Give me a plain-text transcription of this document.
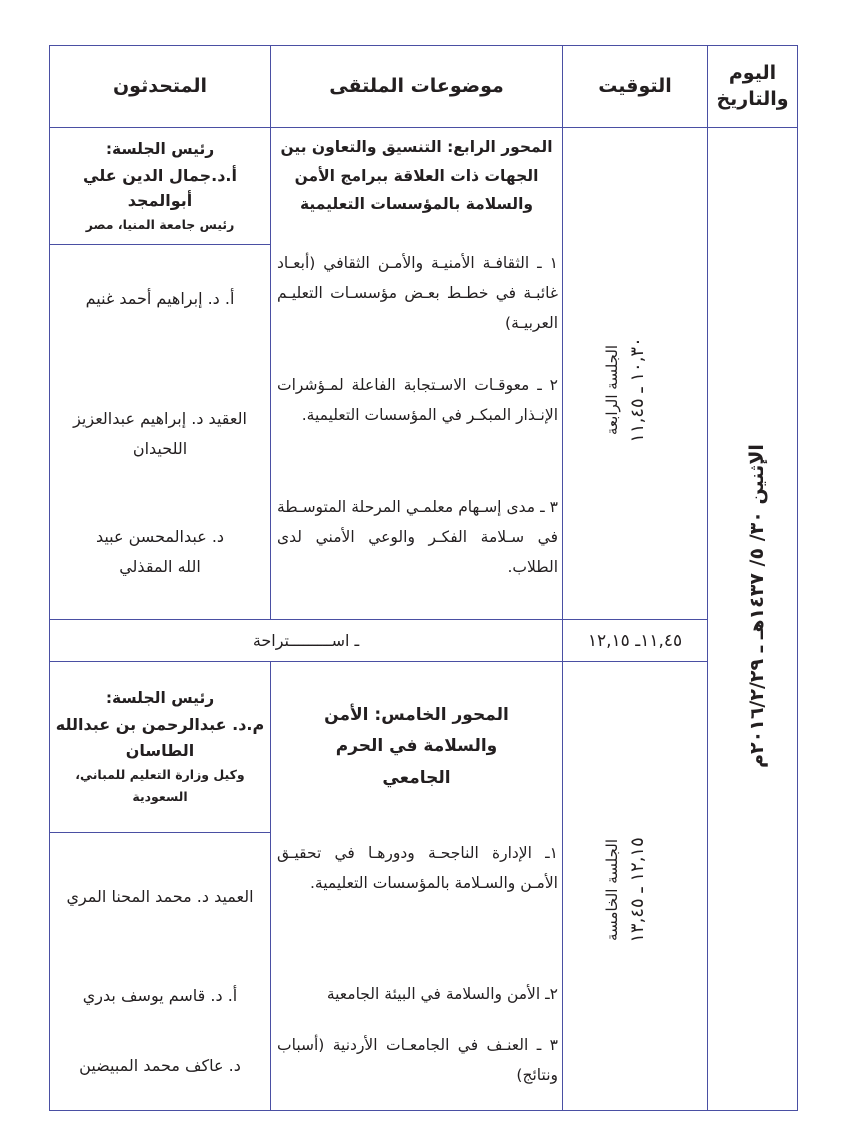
اليوم والتاريخ
التوقيت
موضوعات الملتقى
المتحدثون
الإثنين ٣٠/ ٥/ ١٤٣٧هـ ـ ٢٠١٦/٢/٢٩م
الجلسة الرابعة ١٠,٣٠ ـ ١١,٤٥
الجلسة الخامسة ١٢,١٥ ـ ١٣,٤٥
المحور الرابع: التنسيق والتعاون بين الجهات ذات العلاقة ببرامج الأمن والسلامة بالمؤسسات التعليمية
رئيس الجلسة:
أ.د.جمال الدين علي أبوالمجد
رئيس جامعة المنيا، مصر
١ ـ الثقافـة الأمنيـة والأمـن الثقافي (أبعـاد غائبـة في خطـط بعـض مؤسسـات التعليـم العربيـة)
٢ ـ معوقـات الاسـتجابة الفاعلة لمـؤشرات الإنـذار المبكـر في المؤسسات التعليمية.
٣ ـ مدى إسـهام معلمـي المرحلة المتوسـطة في سـلامة الفكـر والوعي الأمني لدى الطلاب.
أ. د. إبراهيم أحمد غنيم
العقيد د. إبراهيم عبدالعزيز اللحيدان
د. عبدالمحسن عبيد الله المقذلي
١١,٤٥ـ ١٢,١٥
ـ اســـــــــتراحة
المحور الخامس: الأمن والسلامة في الحرم الجامعي
رئيس الجلسة:
م.د. عبدالرحمن بن عبدالله الطاسان
وكيل وزارة التعليم للمباني، السعودية
١ـ الإدارة الناجحـة ودورهـا في تحقيـق الأمـن والسـلامة بالمؤسسات التعليمية.
٢ـ الأمن والسلامة في البيئة الجامعية
٣ ـ العنـف في الجامعـات الأردنية (أسباب ونتائج)
العميد د. محمد المحنا المري
أ. د. قاسم يوسف بدري
د. عاكف محمد المبيضين
